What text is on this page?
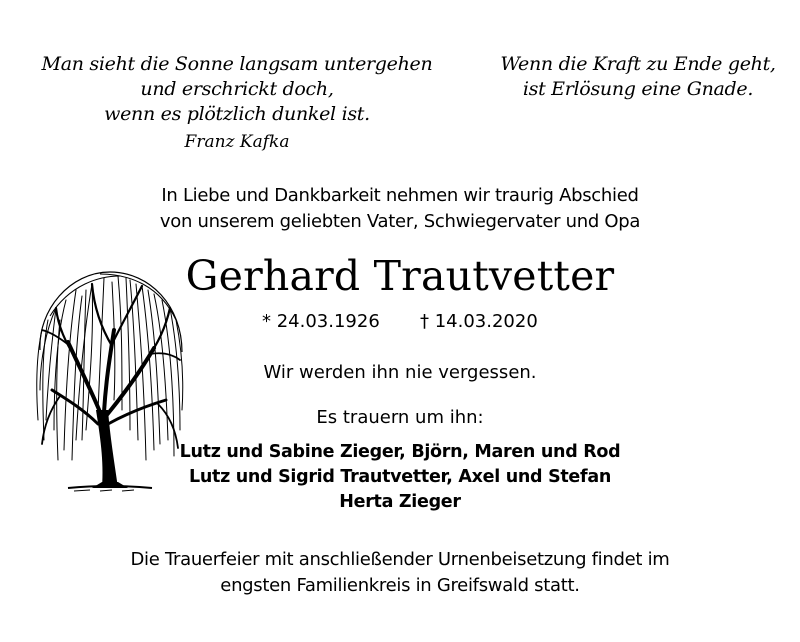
Man sieht die Sonne langsam untergehen
und erschrickt doch,
wenn es plötzlich dunkel ist.
Franz Kafka
Wenn die Kraft zu Ende geht,
ist Erlösung eine Gnade.
In Liebe und Dankbarkeit nehmen wir traurig Abschied
von unserem geliebten Vater, Schwiegervater und Opa
Gerhard Trautvetter
* 24.03.1926 † 14.03.2020
Wir werden ihn nie vergessen.
Es trauern um ihn:
Lutz und Sabine Zieger, Björn, Maren und Rod
Lutz und Sigrid Trautvetter, Axel und Stefan
Herta Zieger
Die Trauerfeier mit anschließender Urnenbeisetzung findet im
engsten Familienkreis in Greifswald statt.
